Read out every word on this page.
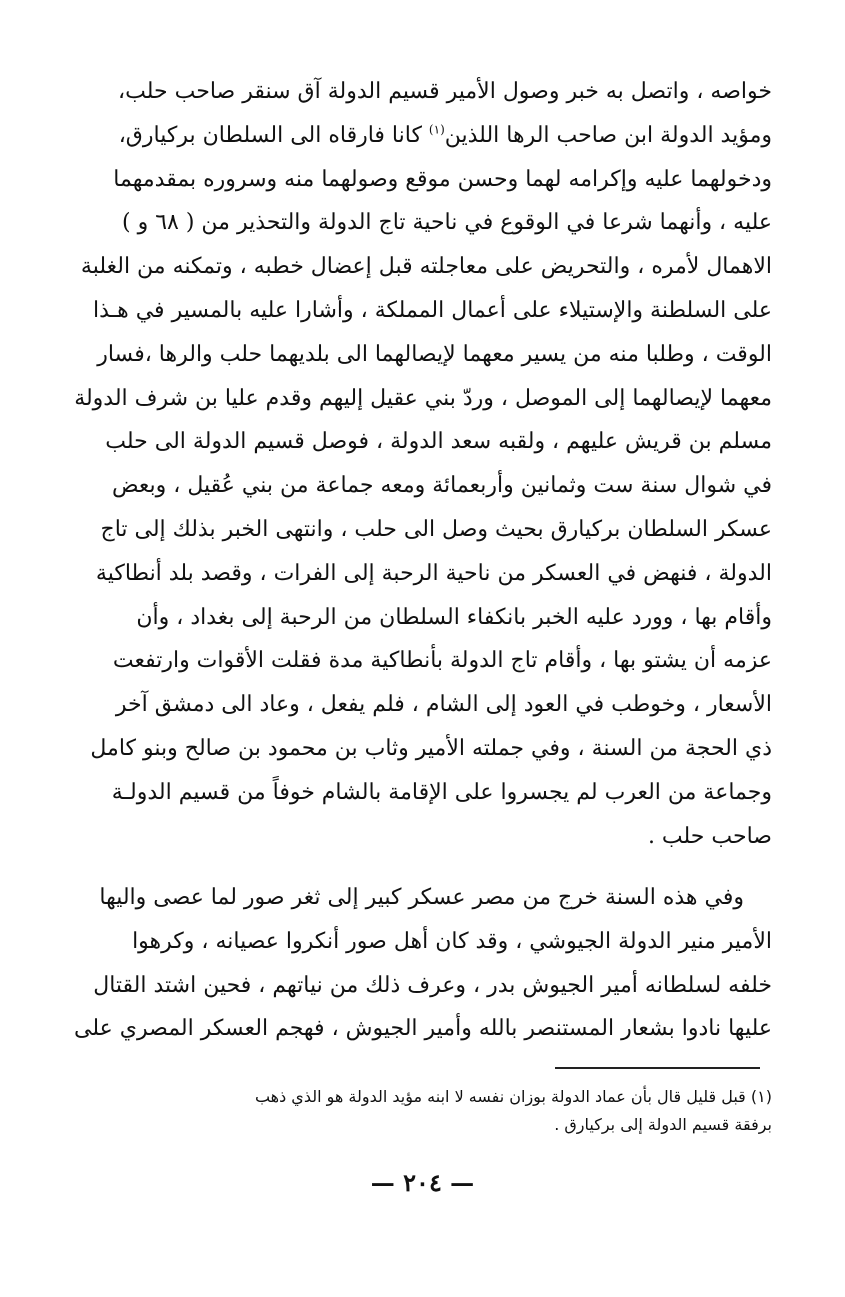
خواصه ، واتصل به خبر وصول الأمير قسيم الدولة آق سنقر صاحب حلب،
ومؤيد الدولة ابن صاحب الرها اللذين$^{(١)}$ كانا فارقاه الى السلطان بركيارق،
ودخولهما عليه وإكرامه لهما وحسن موقع وصولهما منه وسروره بمقدمهما
عليه ، وأنهما شرعا في الوقوع في ناحية تاج الدولة والتحذير من ( ٦٨ و )
الاهمال لأمره ، والتحريض على معاجلته قبل إعضال خطبه ، وتمكنه من الغلبة
على السلطنة والإستيلاء على أعمال المملكة ، وأشارا عليه بالمسير في هـذا
الوقت ، وطلبا منه من يسير معهما لإيصالهما الى بلديهما حلب والرها ،فسار
معهما لإيصالهما إلى الموصل ، وردّ بني عقيل إليهم وقدم عليا بن شرف الدولة
مسلم بن قريش عليهم ، ولقبه سعد الدولة ، فوصل قسيم الدولة الى حلب
في شوال سنة ست وثمانين وأربعمائة ومعه جماعة من بني عُقيل ، وبعض
عسكر السلطان بركيارق بحيث وصل الى حلب ، وانتهى الخبر بذلك إلى تاج
الدولة ، فنهض في العسكر من ناحية الرحبة إلى الفرات ، وقصد بلد أنطاكية
وأقام بها ، وورد عليه الخبر بانكفاء السلطان من الرحبة إلى بغداد ، وأن
عزمه أن يشتو بها ، وأقام تاج الدولة بأنطاكية مدة فقلت الأقوات وارتفعت
الأسعار ، وخوطب في العود إلى الشام ، فلم يفعل ، وعاد الى دمشق آخر
ذي الحجة من السنة ، وفي جملته الأمير وثاب بن محمود بن صالح وبنو كامل
وجماعة من العرب لم يجسروا على الإقامة بالشام خوفاً من قسيم الدولـة
صاحب حلب .
وفي هذه السنة خرج من مصر عسكر كبير إلى ثغر صور لما عصى واليها
الأمير منير الدولة الجيوشي ، وقد كان أهل صور أنكروا عصيانه ، وكرهوا
خلفه لسلطانه أمير الجيوش بدر ، وعرف ذلك من نياتهم ، فحين اشتد القتال
عليها نادوا بشعار المستنصر بالله وأمير الجيوش ، فهجم العسكر المصري على
(١) قبل قليل قال بأن عماد الدولة بوزان نفسه لا ابنه مؤيد الدولة هو الذي ذهب
برفقة قسيم الدولة إلى بركيارق .
— ٢٠٤ —
